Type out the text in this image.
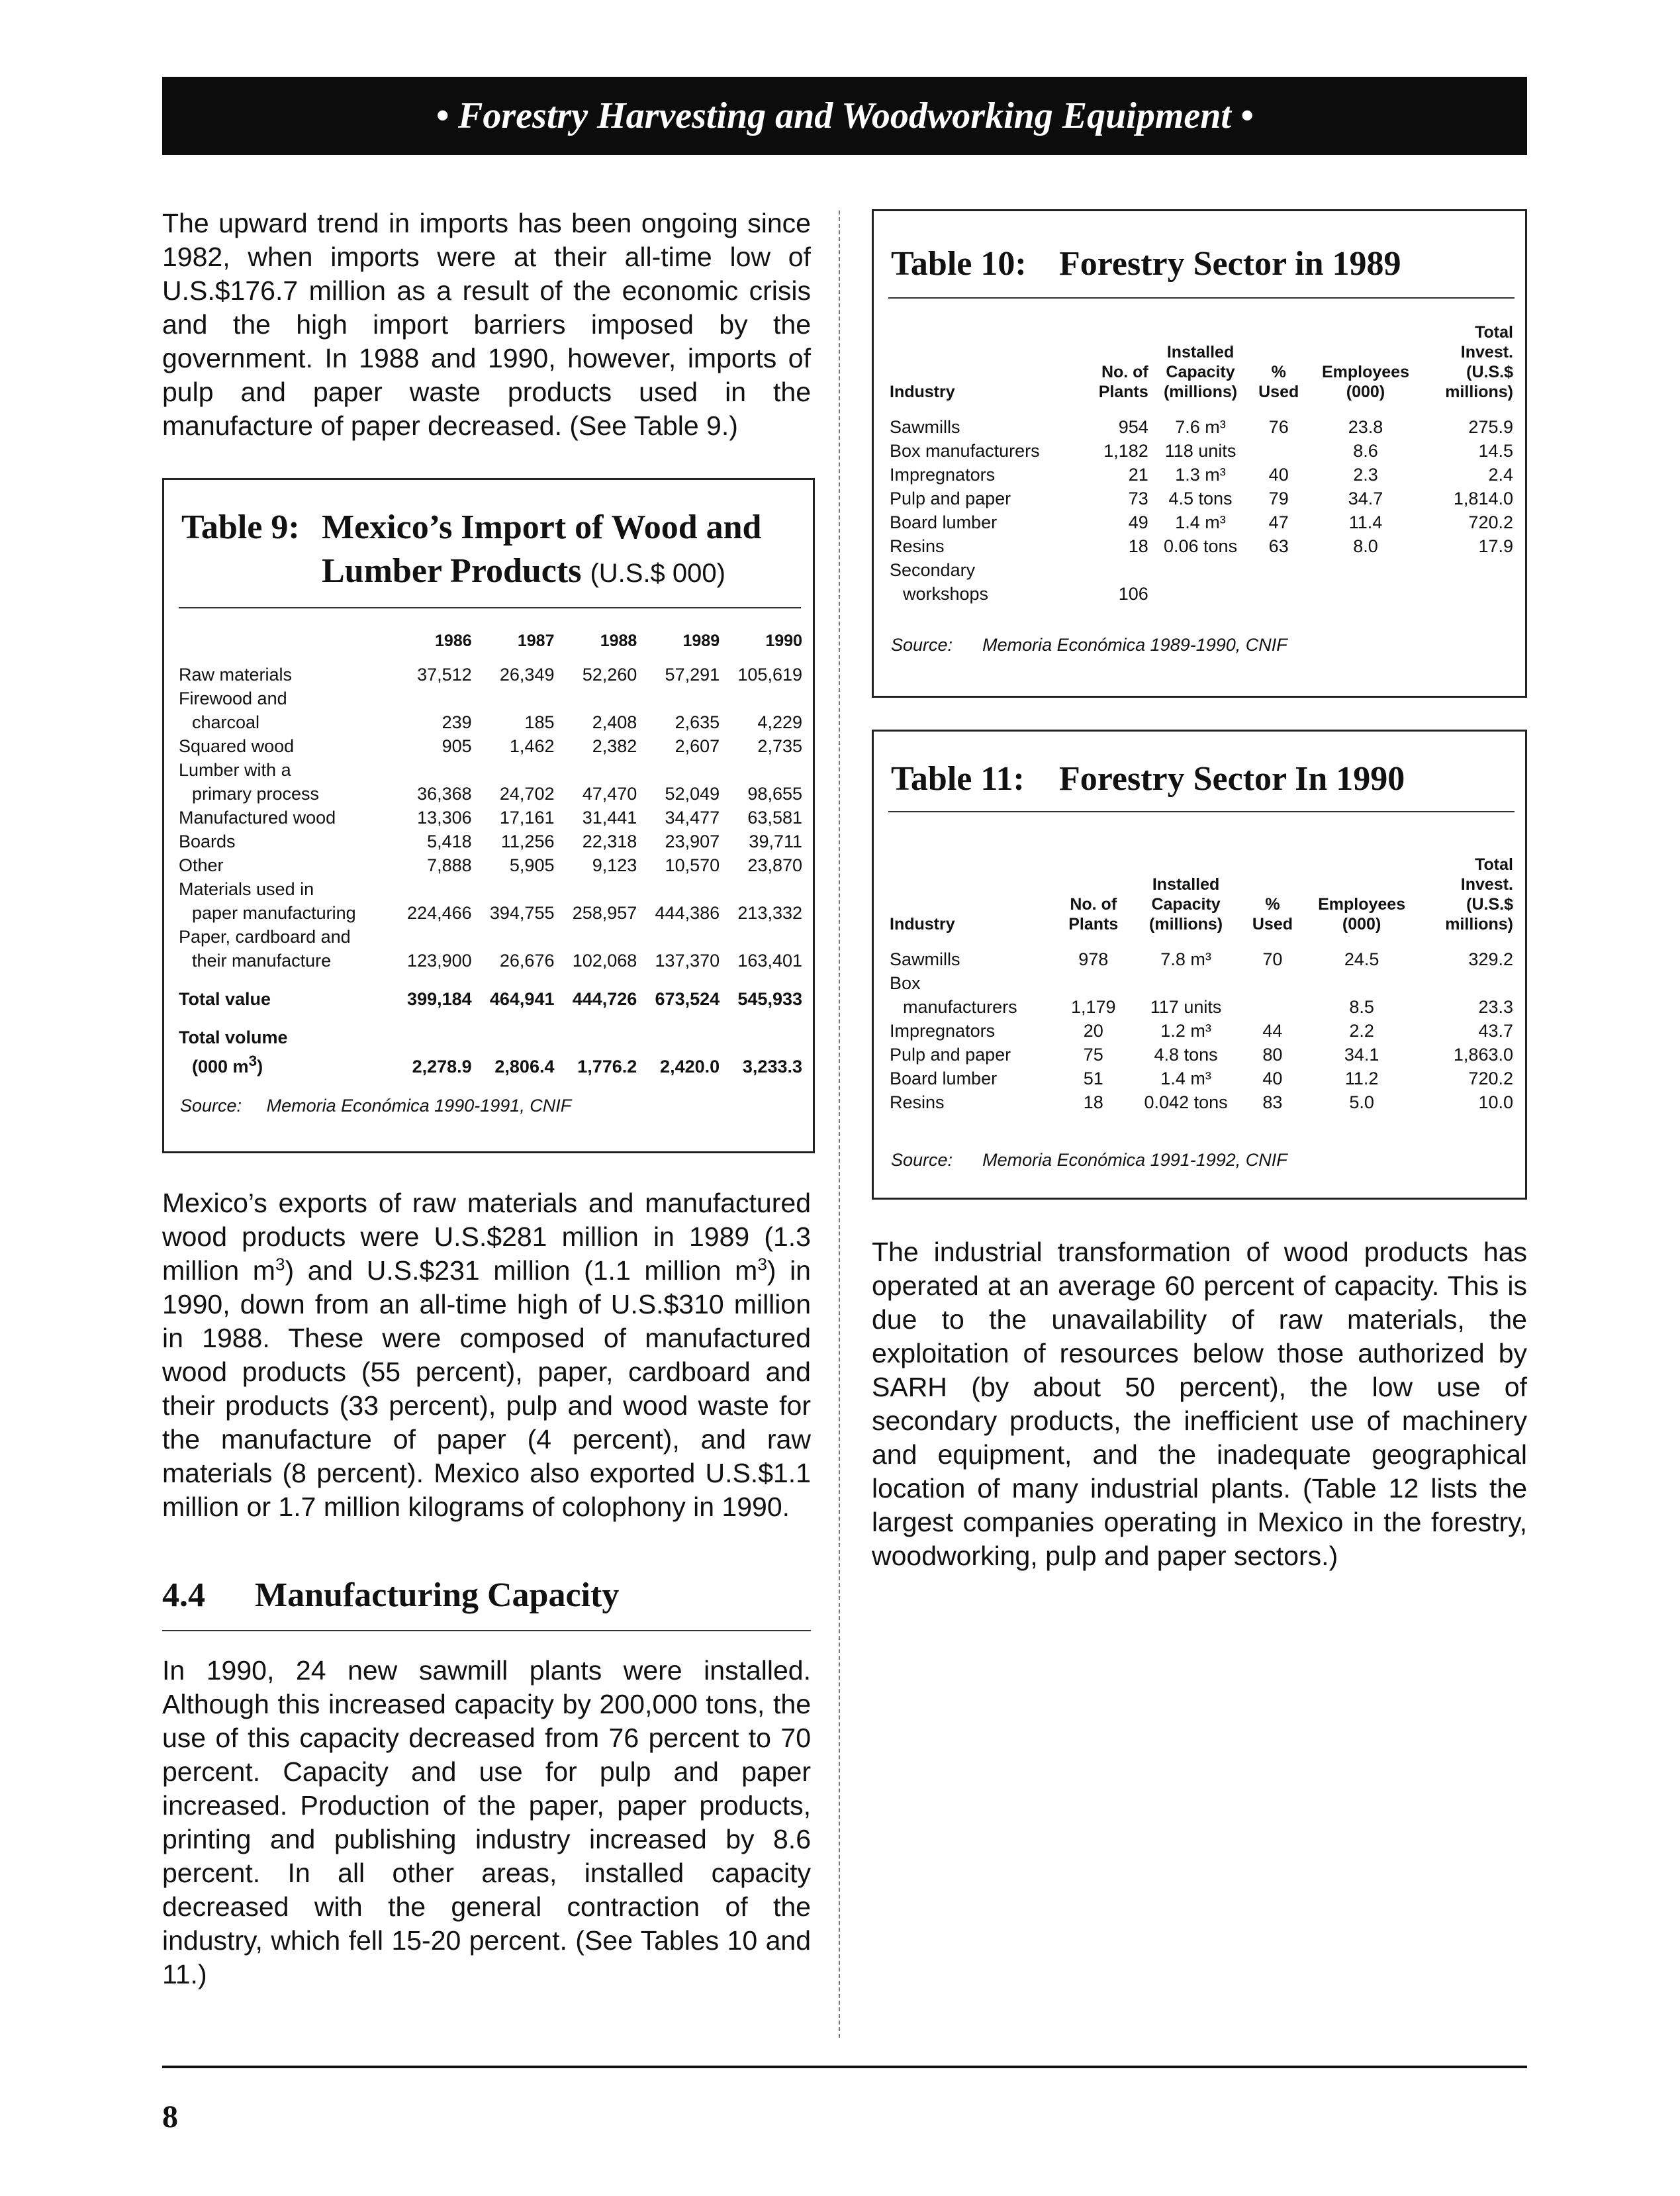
• Forestry Harvesting and Woodworking Equipment •

The upward trend in imports has been ongoing since 1982, when imports were at their all-time low of U.S.$176.7 million as a result of the economic crisis and the high import barriers imposed by the government. In 1988 and 1990, however, imports of pulp and paper waste products used in the manufacture of paper decreased. (See Table 9.)

Table 9: Mexico’s Import of Wood and
Lumber Products (U.S.$ 000)
	1986	1987	1988	1989	1990

Raw materials	37,512	26,349	52,260	57,291	105,619
Firewood and					
charcoal	239	185	2,408	2,635	4,229
Squared wood	905	1,462	2,382	2,607	2,735
Lumber with a					
primary process	36,368	24,702	47,470	52,049	98,655
Manufactured wood	13,306	17,161	31,441	34,477	63,581
Boards	5,418	11,256	22,318	23,907	39,711
Other	7,888	5,905	9,123	10,570	23,870
Materials used in					
paper manufacturing	224,466	394,755	258,957	444,386	213,332
Paper, cardboard and					
their manufacture	123,900	26,676	102,068	137,370	163,401

Total value	399,184	464,941	444,726	673,524	545,933

Total volume					
(000 $m^3$)	2,278.9	2,806.4	1,776.2	2,420.0	3,233.3

Source: Memoria Económica 1990-1991, CNIF

Mexico’s exports of raw materials and manufactured wood products were U.S.$281 million in 1989 (1.3 million $m^3$) and U.S.$231 million (1.1 million $m^3$) in 1990, down from an all-time high of U.S.$310 million in 1988. These were composed of manufactured wood products (55 percent), paper, cardboard and their products (33 percent), pulp and wood waste for the manufacture of paper (4 percent), and raw materials (8 percent). Mexico also exported U.S.$1.1 million or 1.7 million kilograms of colophony in 1990.

4.4 Manufacturing Capacity

In 1990, 24 new sawmill plants were installed. Although this increased capacity by 200,000 tons, the use of this capacity decreased from 76 percent to 70 percent. Capacity and use for pulp and paper increased. Production of the paper, paper products, printing and publishing industry increased by 8.6 percent. In all other areas, installed capacity decreased with the general contraction of the industry, which fell 15-20 percent. (See Tables 10 and 11.)

Table 10: Forestry Sector in 1989
					Total
		Installed			Invest.
	No. of	Capacity	%	Employees	(U.S.$
Industry	Plants	(millions)	Used	(000)	millions)

Sawmills	954	7.6 m³	76	23.8	275.9
Box manufacturers	1,182	118 units		8.6	14.5
Impregnators	21	1.3 m³	40	2.3	2.4
Pulp and paper	73	4.5 tons	79	34.7	1,814.0
Board lumber	49	1.4 m³	47	11.4	720.2
Resins	18	0.06 tons	63	8.0	17.9
Secondary					
workshops	106				

Source: Memoria Económica 1989-1990, CNIF

Table 11: Forestry Sector In 1990
					Total
		Installed			Invest.
	No. of	Capacity	%	Employees	(U.S.$
Industry	Plants	(millions)	Used	(000)	millions)

Sawmills	978	7.8 m³	70	24.5	329.2
Box					
manufacturers	1,179	117 units		8.5	23.3
Impregnators	20	1.2 m³	44	2.2	43.7
Pulp and paper	75	4.8 tons	80	34.1	1,863.0
Board lumber	51	1.4 m³	40	11.2	720.2
Resins	18	0.042 tons	83	5.0	10.0

Source: Memoria Económica 1991-1992, CNIF

The industrial transformation of wood products has operated at an average 60 percent of capacity. This is due to the unavailability of raw materials, the exploitation of resources below those authorized by SARH (by about 50 percent), the low use of secondary products, the inefficient use of machinery and equipment, and the inadequate geographical location of many industrial plants. (Table 12 lists the largest companies operating in Mexico in the forestry, woodworking, pulp and paper sectors.)

8
